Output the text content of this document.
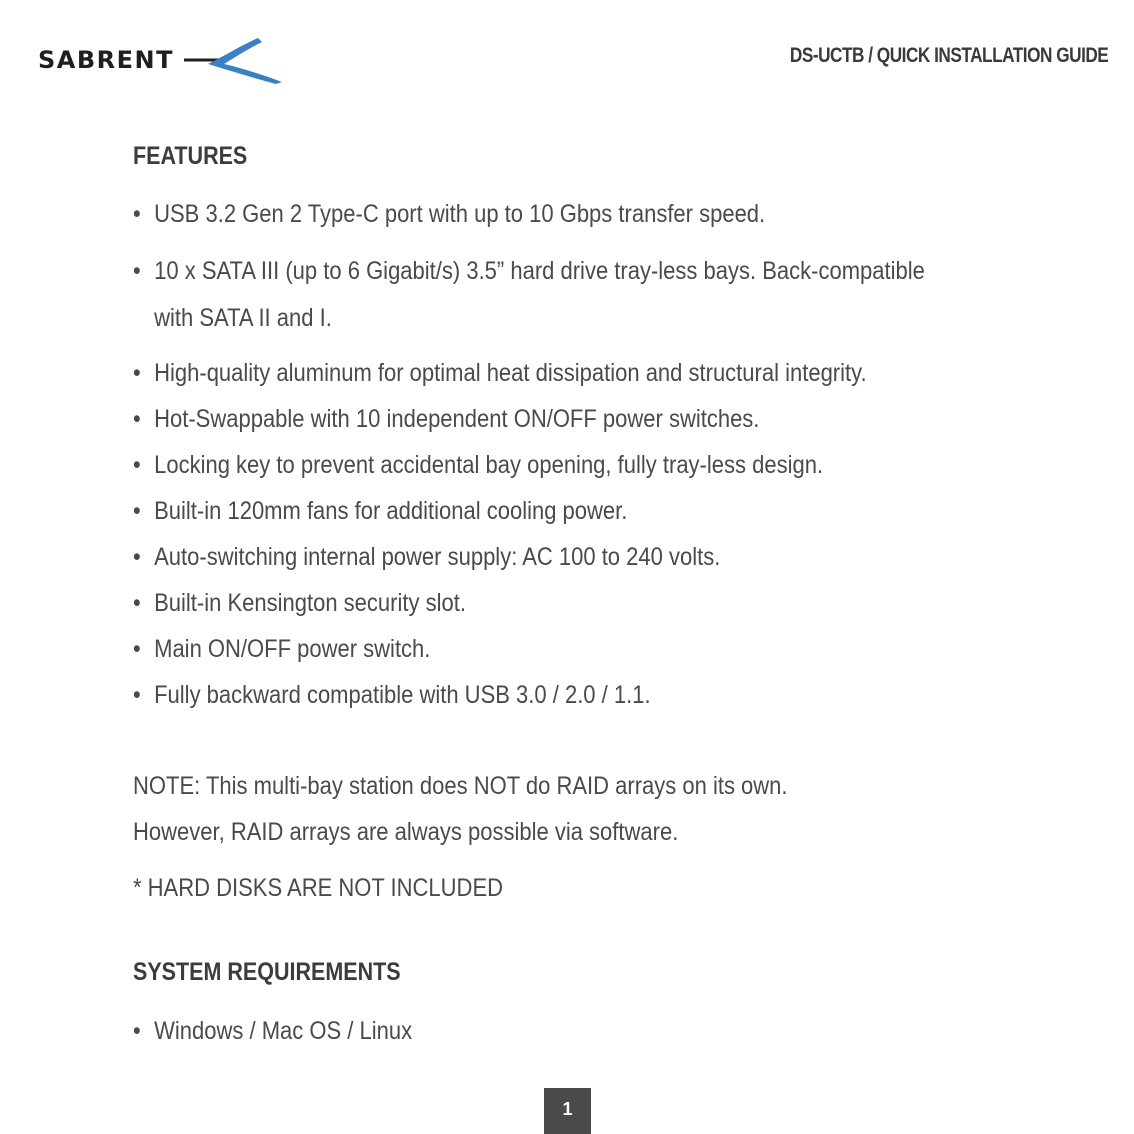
SABRENT	DS-UCTB / QUICK INSTALLATION GUIDE
FEATURES
• USB 3.2 Gen 2 Type-C port with up to 10 Gbps transfer speed.
• 10 x SATA III (up to 6 Gigabit/s) 3.5” hard drive tray-less bays. Back-compatible
with SATA II and I.
• High-quality aluminum for optimal heat dissipation and structural integrity.
• Hot-Swappable with 10 independent ON/OFF power switches.
• Locking key to prevent accidental bay opening, fully tray-less design.
• Built-in 120mm fans for additional cooling power.
• Auto-switching internal power supply: AC 100 to 240 volts.
• Built-in Kensington security slot.
• Main ON/OFF power switch.
• Fully backward compatible with USB 3.0 / 2.0 / 1.1.
NOTE: This multi-bay station does NOT do RAID arrays on its own.
However, RAID arrays are always possible via software.
* HARD DISKS ARE NOT INCLUDED
SYSTEM REQUIREMENTS
• Windows / Mac OS / Linux
1
